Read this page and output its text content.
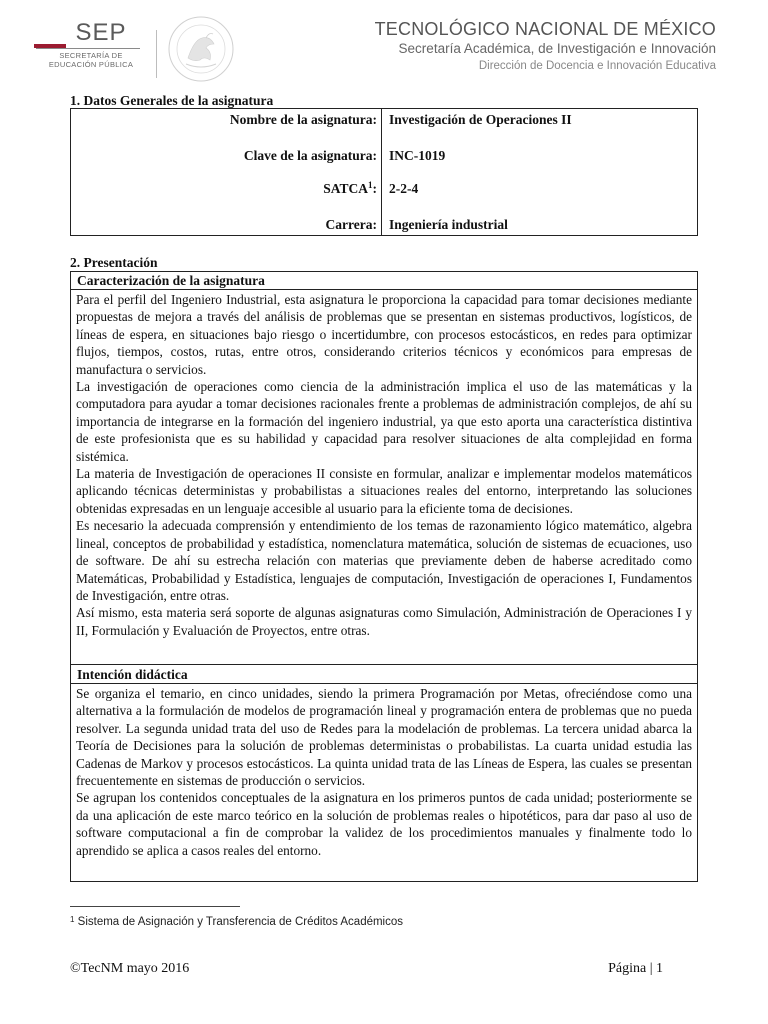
SEP
SECRETARÍA DE
EDUCACIÓN PÚBLICA
TECNOLÓGICO NACIONAL DE MÉXICO
Secretaría Académica, de Investigación e Innovación
Dirección de Docencia e Innovación Educativa
1. Datos Generales de la asignatura
Nombre de la asignatura: Investigación de Operaciones II
Clave de la asignatura: INC-1019
SATCA$^1$: 2-2-4
Carrera: Ingeniería industrial
2. Presentación
Caracterización de la asignatura

Para el perfil del Ingeniero Industrial, esta asignatura le proporciona la capacidad para tomar decisiones mediante propuestas de mejora a través del análisis de problemas que se presentan en sistemas productivos, logísticos, de líneas de espera, en situaciones bajo riesgo o incertidumbre, con procesos estocásticos, en redes para optimizar flujos, tiempos, costos, rutas, entre otros, considerando criterios técnicos y económicos para empresas de manufactura o servicios.

La investigación de operaciones como ciencia de la administración implica el uso de las matemáticas y la computadora para ayudar a tomar decisiones racionales frente a problemas de administración complejos, de ahí su importancia de integrarse en la formación del ingeniero industrial, ya que esto aporta una característica distintiva de este profesionista que es su habilidad y capacidad para resolver situaciones de alta complejidad en forma sistémica.

La materia de Investigación de operaciones II consiste en formular, analizar e implementar modelos matemáticos aplicando técnicas deterministas y probabilistas a situaciones reales del entorno, interpretando las soluciones obtenidas expresadas en un lenguaje accesible al usuario para la eficiente toma de decisiones.

Es necesario la adecuada comprensión y entendimiento de los temas de razonamiento lógico matemático, algebra lineal, conceptos de probabilidad y estadística, nomenclatura matemática, solución de sistemas de ecuaciones, uso de software. De ahí su estrecha relación con materias que previamente deben de haberse acreditado como Matemáticas, Probabilidad y Estadística, lenguajes de computación, Investigación de operaciones I, Fundamentos de Investigación, entre otras.

Así mismo, esta materia será soporte de algunas asignaturas como Simulación, Administración de Operaciones I y II, Formulación y Evaluación de Proyectos, entre otras.

Intención didáctica

Se organiza el temario, en cinco unidades, siendo la primera Programación por Metas, ofreciéndose como una alternativa a la formulación de modelos de programación lineal y programación entera de problemas que no pueda resolver. La segunda unidad trata del uso de Redes para la modelación de problemas. La tercera unidad abarca la Teoría de Decisiones para la solución de problemas deterministas o probabilistas. La cuarta unidad estudia las Cadenas de Markov y procesos estocásticos. La quinta unidad trata de las Líneas de Espera, las cuales se presentan frecuentemente en sistemas de producción o servicios.

Se agrupan los contenidos conceptuales de la asignatura en los primeros puntos de cada unidad; posteriormente se da una aplicación de este marco teórico en la solución de problemas reales o hipotéticos, para dar paso al uso de software computacional a fin de comprobar la validez de los procedimientos manuales y finalmente todo lo aprendido se aplica a casos reales del entorno.

$^1$ Sistema de Asignación y Transferencia de Créditos Académicos
©TecNM mayo 2016	Página | 1
